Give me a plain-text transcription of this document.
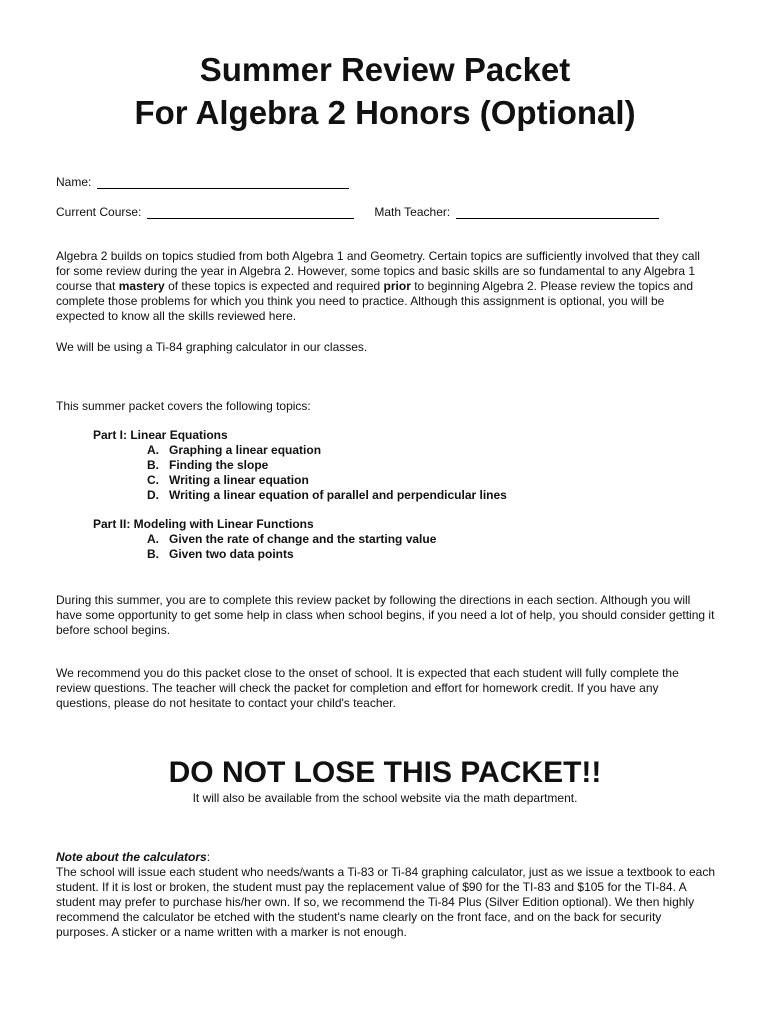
Summer Review Packet
For Algebra 2 Honors (Optional)
Name:
Current Course:	Math Teacher:

Algebra 2 builds on topics studied from both Algebra 1 and Geometry. Certain topics are sufficiently involved that they call for some review during the year in Algebra 2. However, some topics and basic skills are so fundamental to any Algebra 1 course that mastery of these topics is expected and required prior to beginning Algebra 2. Please review the topics and complete those problems for which you think you need to practice. Although this assignment is optional, you will be expected to know all the skills reviewed here.

We will be using a Ti-84 graphing calculator in our classes.

This summer packet covers the following topics:

Part I: Linear Equations
A. Graphing a linear equation
B. Finding the slope
C. Writing a linear equation
D. Writing a linear equation of parallel and perpendicular lines
Part II: Modeling with Linear Functions
A. Given the rate of change and the starting value
B. Given two data points

During this summer, you are to complete this review packet by following the directions in each section. Although you will have some opportunity to get some help in class when school begins, if you need a lot of help, you should consider getting it before school begins.

We recommend you do this packet close to the onset of school. It is expected that each student will fully complete the review questions. The teacher will check the packet for completion and effort for homework credit. If you have any questions, please do not hesitate to contact your child's teacher.

DO NOT LOSE THIS PACKET!!
It will also be available from the school website via the math department.

Note about the calculators:
The school will issue each student who needs/wants a Ti-83 or Ti-84 graphing calculator, just as we issue a textbook to each student. If it is lost or broken, the student must pay the replacement value of $90 for the TI-83 and $105 for the TI-84. A student may prefer to purchase his/her own. If so, we recommend the Ti-84 Plus (Silver Edition optional). We then highly recommend the calculator be etched with the student's name clearly on the front face, and on the back for security purposes. A sticker or a name written with a marker is not enough.
